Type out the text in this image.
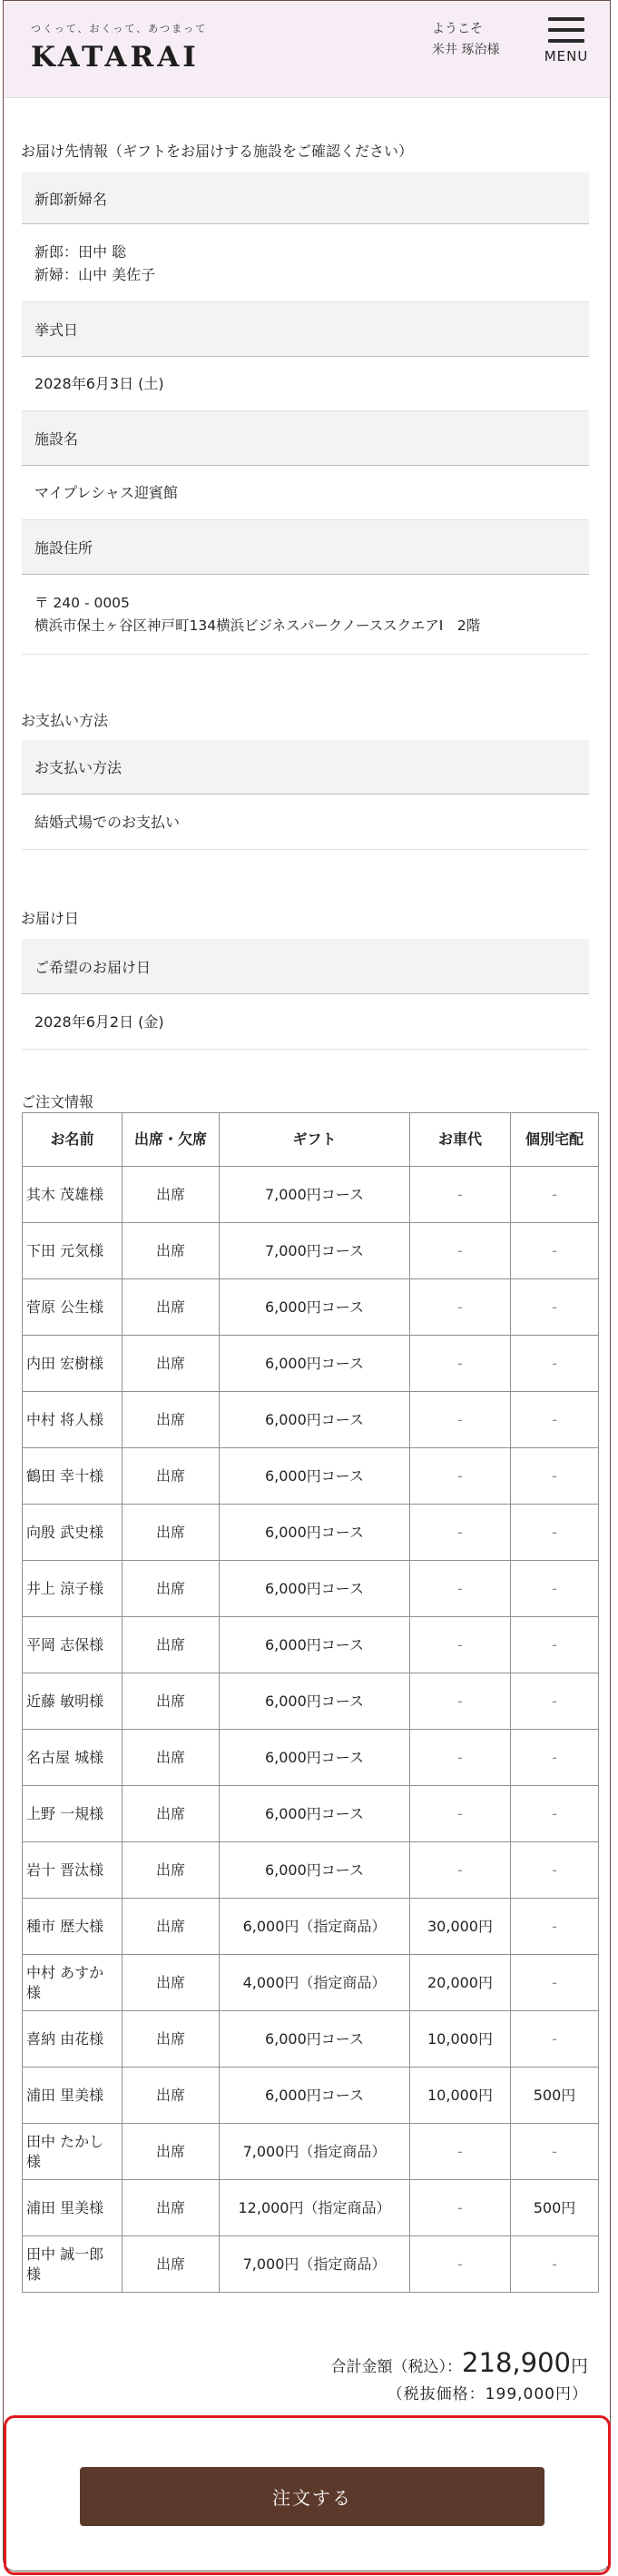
つくって、おくって、あつまって
KATARAI
ようこそ
米井 琢治様	MENU
お届け先情報（ギフトをお届けする施設をご確認ください）
新郎新婦名
新郎：田中 聡
新婦：山中 美佐子
挙式日
2028年6月3日 (土)
施設名
マイプレシャス迎賓館
施設住所
〒 240 - 0005
横浜市保土ヶ谷区神戸町134横浜ビジネスパークノーススクエアⅠ　2階
お支払い方法
お支払い方法
結婚式場でのお支払い
お届け日
ご希望のお届け日
2028年6月2日 (金)
ご注文情報
お名前	出席・欠席	ギフト	お車代	個別宅配
其木 茂雄様	出席	7,000円コース	-	-
下田 元気様	出席	7,000円コース	-	-
菅原 公生様	出席	6,000円コース	-	-
内田 宏樹様	出席	6,000円コース	-	-
中村 将人様	出席	6,000円コース	-	-
鶴田 幸十様	出席	6,000円コース	-	-
向殷 武史様	出席	6,000円コース	-	-
井上 涼子様	出席	6,000円コース	-	-
平岡 志保様	出席	6,000円コース	-	-
近藤 敏明様	出席	6,000円コース	-	-
名古屋 城様	出席	6,000円コース	-	-
上野 一規様	出席	6,000円コース	-	-
岩十 晋汰様	出席	6,000円コース	-	-
種市 歴大様	出席	6,000円（指定商品）	30,000円	-
中村 あすか様	出席	4,000円（指定商品）	20,000円	-
喜納 由花様	出席	6,000円コース	10,000円	-
浦田 里美様	出席	6,000円コース	10,000円	500円
田中 たかし様	出席	7,000円（指定商品）	-	-
浦田 里美様	出席	12,000円（指定商品）	-	500円
田中 誠一郎様	出席	7,000円（指定商品）	-	-
合計金額（税込）：218,900円
（税抜価格：199,000円）
注文する
